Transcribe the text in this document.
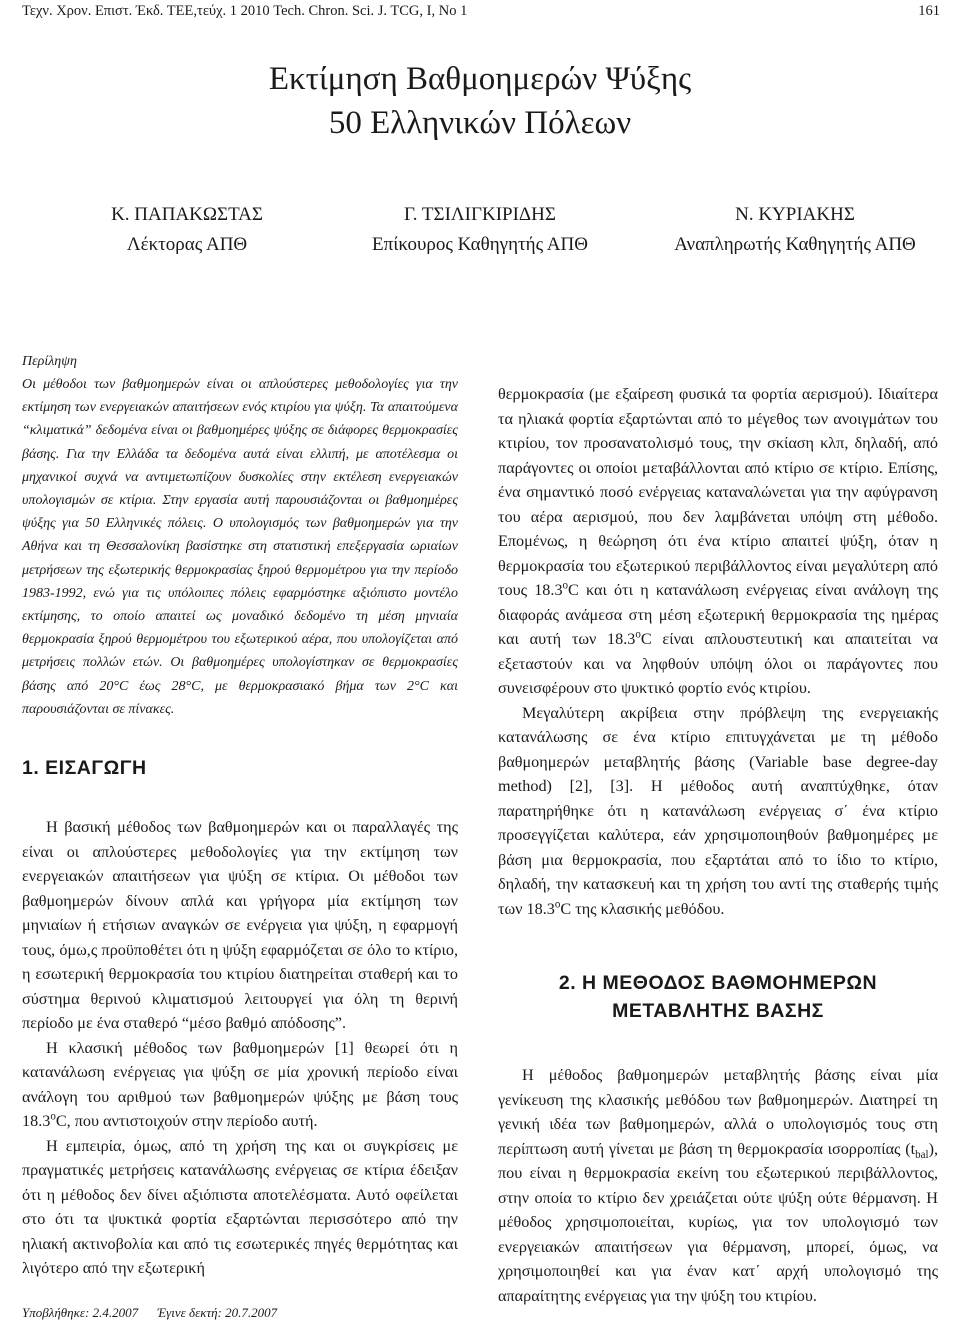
Τεχν. Χρον. Επιστ. Έκδ. ΤΕΕ,τεύχ. 1 2010 Tech. Chron. Sci. J. TCG, I, No 1	161
Εκτίμηση Βαθμοημερών Ψύξης
50 Ελληνικών Πόλεων
Κ. ΠΑΠΑΚΩΣΤΑΣ
Λέκτορας ΑΠΘ
Γ. ΤΣΙΛΙΓΚΙΡΙΔΗΣ
Επίκουρος Καθηγητής ΑΠΘ
Ν. ΚΥΡΙΑΚΗΣ
Αναπληρωτής Καθηγητής ΑΠΘ

Περίληψη

Οι μέθοδοι των βαθμοημερών είναι οι απλούστερες μεθοδολογίες για την εκτίμηση των ενεργειακών απαιτήσεων ενός κτιρίου για ψύξη. Τα απαιτούμενα “κλιματικά” δεδομένα είναι οι βαθμοημέρες ψύξης σε διάφορες θερμοκρασίες βάσης. Για την Ελλάδα τα δεδομένα αυτά είναι ελλιπή, με αποτέλεσμα οι μηχανικοί συχνά να αντιμετωπίζουν δυσκολίες στην εκτέλεση ενεργειακών υπολογισμών σε κτίρια. Στην εργασία αυτή παρουσιάζονται οι βαθμοημέρες ψύξης για 50 Ελληνικές πόλεις. Ο υπολογισμός των βαθμοημερών για την Αθήνα και τη Θεσσαλονίκη βασίστηκε στη στατιστική επεξεργασία ωριαίων μετρήσεων της εξωτερικής θερμοκρασίας ξηρού θερμομέτρου για την περίοδο 1983-1992, ενώ για τις υπόλοιπες πόλεις εφαρμόστηκε αξιόπιστο μοντέλο εκτίμησης, το οποίο απαιτεί ως μοναδικό δεδομένο τη μέση μηνιαία θερμοκρασία ξηρού θερμομέτρου του εξωτερικού αέρα, που υπολογίζεται από μετρήσεις πολλών ετών. Οι βαθμοημέρες υπολογίστηκαν σε θερμοκρασίες βάσης από 20°C έως 28°C, με θερμοκρασιακό βήμα των 2°C και παρουσιάζονται σε πίνακες.

1. ΕΙΣΑΓΩΓΗ

Η βασική μέθοδος των βαθμοημερών και οι παραλλαγές της είναι οι απλούστερες μεθοδολογίες για την εκτίμηση των ενεργειακών απαιτήσεων για ψύξη σε κτίρια. Οι μέθοδοι των βαθμοημερών δίνουν απλά και γρήγορα μία εκτίμηση των μηνιαίων ή ετήσιων αναγκών σε ενέργεια για ψύξη, η εφαρμογή τους, όμω,ς προϋποθέτει ότι η ψύξη εφαρμόζεται σε όλο το κτίριο, η εσωτερική θερμοκρασία του κτιρίου διατηρείται σταθερή και το σύστημα θερινού κλιματισμού λειτουργεί για όλη τη θερινή περίοδο με ένα σταθερό “μέσο βαθμό απόδοσης”.

Η κλασική μέθοδος των βαθμοημερών [1] θεωρεί ότι η κατανάλωση ενέργειας για ψύξη σε μία χρονική περίοδο είναι ανάλογη του αριθμού των βαθμοημερών ψύξης με βάση τους $18.3^oC$, που αντιστοιχούν στην περίοδο αυτή.

Η εμπειρία, όμως, από τη χρήση της και οι συγκρίσεις με πραγματικές μετρήσεις κατανάλωσης ενέργειας σε κτίρια έδειξαν ότι η μέθοδος δεν δίνει αξιόπιστα αποτελέσματα. Αυτό οφείλεται στο ότι τα ψυκτικά φορτία εξαρτώνται περισσότερο από την ηλιακή ακτινοβολία και από τις εσωτερικές πηγές θερμότητας και λιγότερο από την εξωτερική

θερμοκρασία (με εξαίρεση φυσικά τα φορτία αερισμού). Ιδιαίτερα τα ηλιακά φορτία εξαρτώνται από το μέγεθος των ανοιγμάτων του κτιρίου, τον προσανατολισμό τους, την σκίαση κλπ, δηλαδή, από παράγοντες οι οποίοι μεταβάλλονται από κτίριο σε κτίριο. Επίσης, ένα σημαντικό ποσό ενέργειας καταναλώνεται για την αφύγρανση του αέρα αερισμού, που δεν λαμβάνεται υπόψη στη μέθοδο. Επομένως, η θεώρηση ότι ένα κτίριο απαιτεί ψύξη, όταν η θερμοκρασία του εξωτερικού περιβάλλοντος είναι μεγαλύτερη από τους $18.3^oC$ και ότι η κατανάλωση ενέργειας είναι ανάλογη της διαφοράς ανάμεσα στη μέση εξωτερική θερμοκρασία της ημέρας και αυτή των $18.3^oC$ είναι απλουστευτική και απαιτείται να εξεταστούν και να ληφθούν υπόψη όλοι οι παράγοντες που συνεισφέρουν στο ψυκτικό φορτίο ενός κτιρίου.

Μεγαλύτερη ακρίβεια στην πρόβλεψη της ενεργειακής κατανάλωσης σε ένα κτίριο επιτυγχάνεται με τη μέθοδο βαθμοημερών μεταβλητής βάσης (Variable base degree-day method) [2], [3]. Η μέθοδος αυτή αναπτύχθηκε, όταν παρατηρήθηκε ότι η κατανάλωση ενέργειας σ΄ ένα κτίριο προσεγγίζεται καλύτερα, εάν χρησιμοποιηθούν βαθμοημέρες με βάση μια θερμοκρασία, που εξαρτάται από το ίδιο το κτίριο, δηλαδή, την κατασκευή και τη χρήση του αντί της σταθερής τιμής των $18.3^oC$ της κλασικής μεθόδου.

2. Η ΜΕΘΟΔΟΣ ΒΑΘΜΟΗΜΕΡΩΝ
ΜΕΤΑΒΛΗΤΗΣ ΒΑΣΗΣ

Η μέθοδος βαθμοημερών μεταβλητής βάσης είναι μία γενίκευση της κλασικής μεθόδου των βαθμοημερών. Διατηρεί τη γενική ιδέα των βαθμοημερών, αλλά ο υπολογισμός τους στη περίπτωση αυτή γίνεται με βάση τη θερμοκρασία ισορροπίας $(t_{bal})$, που είναι η θερμοκρασία εκείνη του εξωτερικού περιβάλλοντος, στην οποία το κτίριο δεν χρειάζεται ούτε ψύξη ούτε θέρμανση. Η μέθοδος χρησιμοποιείται, κυρίως, για τον υπολογισμό των ενεργειακών απαιτήσεων για θέρμανση, μπορεί, όμως, να χρησιμοποιηθεί και για έναν κατ΄ αρχή υπολογισμό της απαραίτητης ενέργειας για την ψύξη του κτιρίου.

Υποβλήθηκε: 2.4.2007 Έγινε δεκτή: 20.7.2007
